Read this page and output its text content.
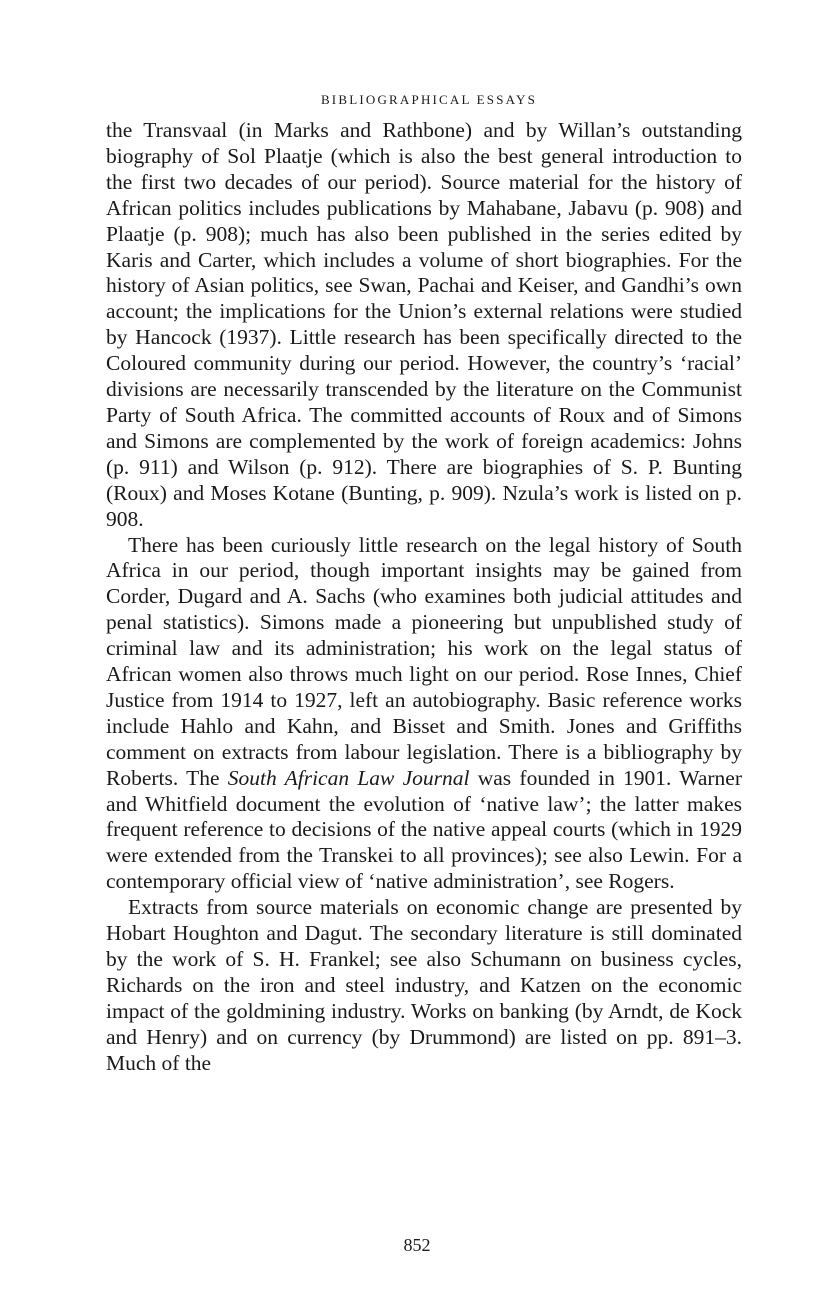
BIBLIOGRAPHICAL ESSAYS

the Transvaal (in Marks and Rathbone) and by Willan’s outstanding biography of Sol Plaatje (which is also the best general introduction to the first two decades of our period). Source material for the history of African politics includes publications by Mahabane, Jabavu (p. 908) and Plaatje (p. 908); much has also been published in the series edited by Karis and Carter, which includes a volume of short biographies. For the history of Asian politics, see Swan, Pachai and Keiser, and Gandhi’s own account; the implications for the Union’s external relations were studied by Hancock (1937). Little research has been specifically directed to the Coloured community during our period. However, the country’s ‘racial’ divisions are necessarily transcended by the literature on the Communist Party of South Africa. The committed accounts of Roux and of Simons and Simons are complemented by the work of foreign academics: Johns (p. 911) and Wilson (p. 912). There are biographies of S. P. Bunting (Roux) and Moses Kotane (Bunting, p. 909). Nzula’s work is listed on p. 908.

There has been curiously little research on the legal history of South Africa in our period, though important insights may be gained from Corder, Dugard and A. Sachs (who examines both judicial attitudes and penal statistics). Simons made a pioneering but unpublished study of criminal law and its administration; his work on the legal status of African women also throws much light on our period. Rose Innes, Chief Justice from 1914 to 1927, left an autobiography. Basic reference works include Hahlo and Kahn, and Bisset and Smith. Jones and Griffiths comment on extracts from labour legislation. There is a bibliography by Roberts. The South African Law Journal was founded in 1901. Warner and Whitfield document the evolution of ‘native law’; the latter makes frequent reference to decisions of the native appeal courts (which in 1929 were extended from the Transkei to all provinces); see also Lewin. For a contemporary official view of ‘native administration’, see Rogers.

Extracts from source materials on economic change are presented by Hobart Houghton and Dagut. The secondary literature is still dominated by the work of S. H. Frankel; see also Schumann on business cycles, Richards on the iron and steel industry, and Katzen on the economic impact of the goldmining industry. Works on banking (by Arndt, de Kock and Henry) and on currency (by Drummond) are listed on pp. 891–3. Much of the

852
